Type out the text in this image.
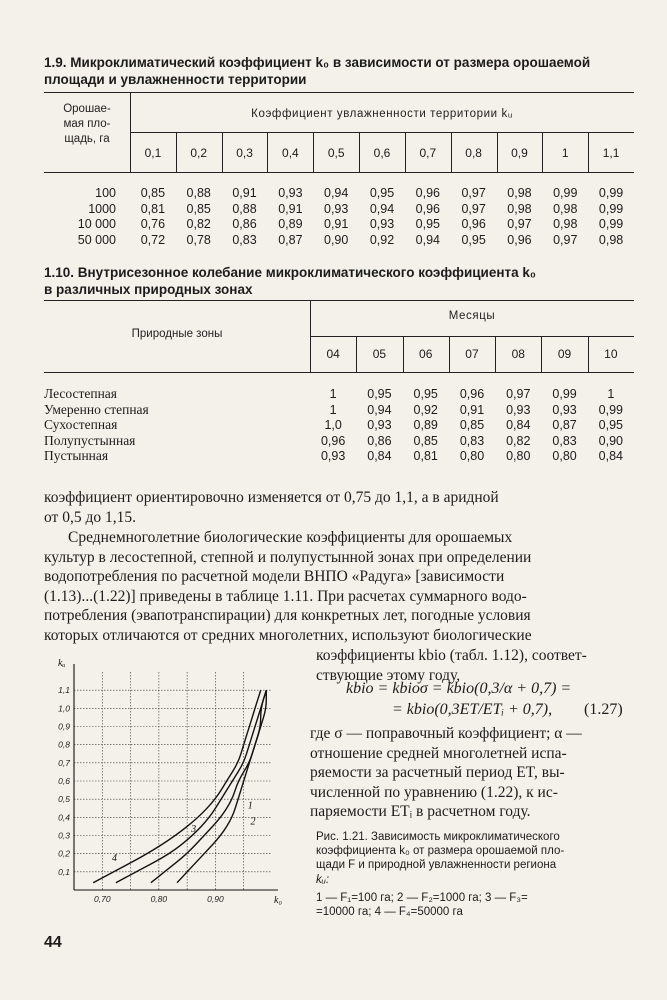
1.9. Микроклиматический коэффициент k₀ в зависимости от размера орошаемой площади и увлажненности территории
Орошае-
мая пло-
щадь, га
Коэффициент увлажненности территории kᵤ
0,1	0,2	0,3	0,4	0,5	0,6	0,7	0,8	0,9	1	1,1
100	0,85	0,88	0,91	0,93	0,94	0,95	0,96	0,97	0,98	0,99	0,99
1000	0,81	0,85	0,88	0,91	0,93	0,94	0,96	0,97	0,98	0,98	0,99
10 000	0,76	0,82	0,86	0,89	0,91	0,93	0,95	0,96	0,97	0,98	0,99
50 000	0,72	0,78	0,83	0,87	0,90	0,92	0,94	0,95	0,96	0,97	0,98
1.10. Внутрисезонное колебание микроклиматического коэффициента k₀
в различных природных зонах
Природные зоны
Месяцы
04	05	06	07	08	09	10
Лесостепная	1	0,95	0,95	0,96	0,97	0,99	1
Умеренно степная	1	0,94	0,92	0,91	0,93	0,93	0,99
Сухостепная	1,0	0,93	0,89	0,85	0,84	0,87	0,95
Полупустынная	0,96	0,86	0,85	0,83	0,82	0,83	0,90
Пустынная	0,93	0,84	0,81	0,80	0,80	0,80	0,84
коэффициент ориентировочно изменяется от 0,75 до 1,1, а в аридной
от 0,5 до 1,15.
Среднемноголетние биологические коэффициенты для орошаемых
культур в лесостепной, степной и полупустынной зонах при определении
водопотребления по расчетной модели ВНПО «Радуга» [зависимости
(1.13)...(1.22)] приведены в таблице 1.11. При расчетах суммарного водо-
потребления (эвапотранспирации) для конкретных лет, погодные условия
которых отличаются от средних многолетних, используют биологические
коэффициенты kbio (табл. 1.12), соответ-
ствующие этому году,
kbio = kbioσ = kbio(0,3/α + 0,7) =
= kbio(0,3ET/ETᵢ + 0,7), (1.27)
где σ — поправочный коэффициент; α —
отношение средней многолетней испа-
ряемости за расчетный период ET, вы-
численной по уравнению (1.22), к ис-
паряемости ETᵢ в расчетном году.
0,1
0,2
0,3
0,4
0,5
0,6
0,7
0,8
0,9
1,0
1,1
0,70	0,80	0,90
kᵤ
k₀
1
2
3
4
Рис. 1.21. Зависимость микроклиматического
коэффициента k₀ от размера орошаемой пло-
щади F и природной увлажненности региона
kᵤ:
1 — F₁=100 га; 2 — F₂=1000 га; 3 — F₃=
=10000 га; 4 — F₄=50000 га
44
